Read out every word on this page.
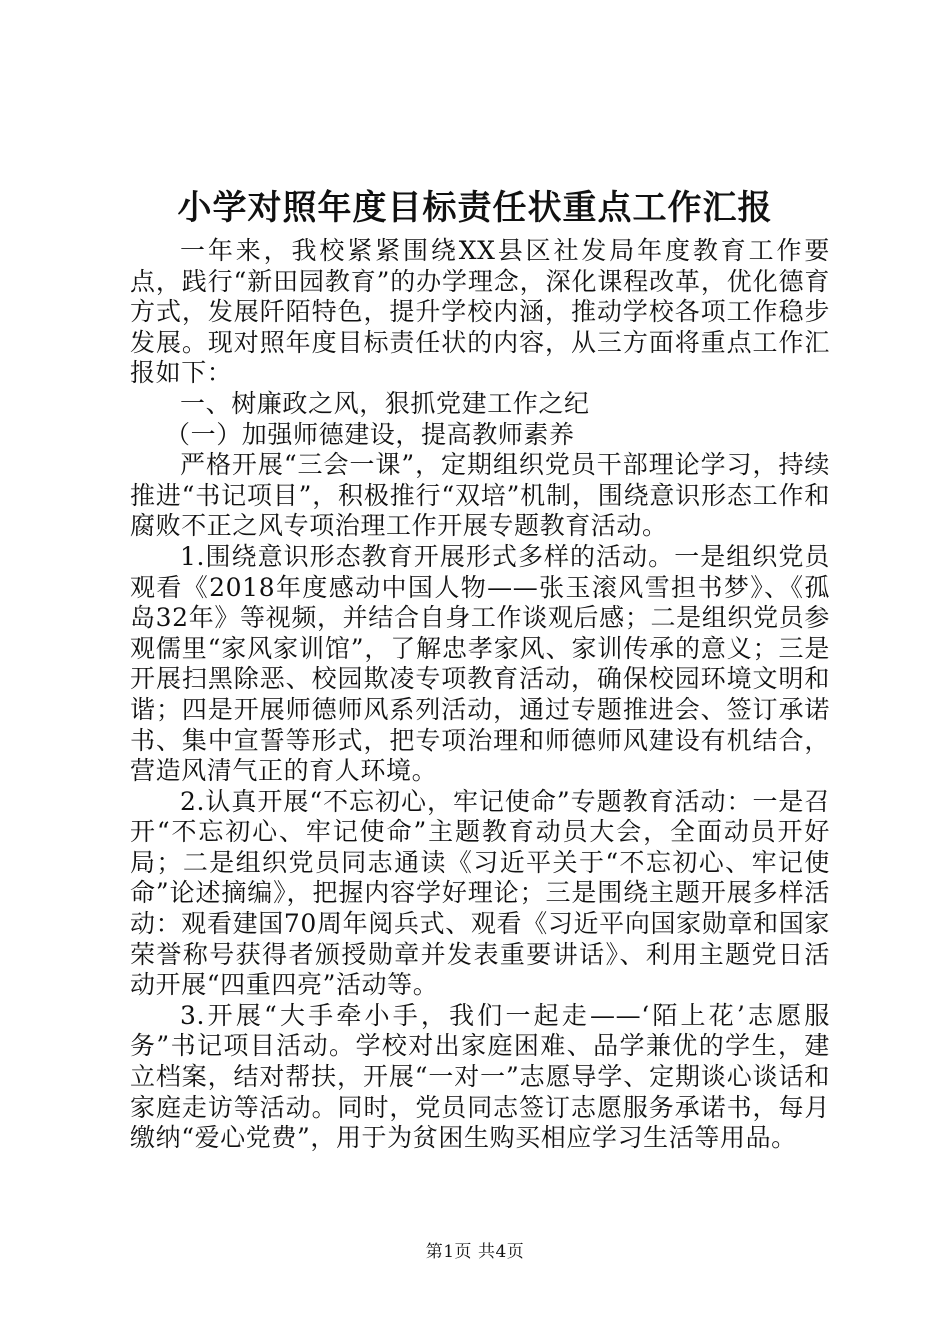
小学对照年度目标责任状重点工作汇报

一年来，我校紧紧围绕XX县区社发局年度教育工作要点，践行“新田园教育”的办学理念，深化课程改革，优化德育方式，发展阡陌特色，提升学校内涵，推动学校各项工作稳步发展。现对照年度目标责任状的内容，从三方面将重点工作汇报如下：

一、树廉政之风，狠抓党建工作之纪

（一）加强师德建设，提高教师素养

严格开展“三会一课”，定期组织党员干部理论学习，持续推进“书记项目”，积极推行“双培”机制，围绕意识形态工作和腐败不正之风专项治理工作开展专题教育活动。

1.围绕意识形态教育开展形式多样的活动。一是组织党员观看《2018年度感动中国人物——张玉滚风雪担书梦》、《孤岛32年》等视频，并结合自身工作谈观后感；二是组织党员参观儒里“家风家训馆”，了解忠孝家风、家训传承的意义；三是开展扫黑除恶、校园欺凌专项教育活动，确保校园环境文明和谐；四是开展师德师风系列活动，通过专题推进会、签订承诺书、集中宣誓等形式，把专项治理和师德师风建设有机结合，营造风清气正的育人环境。

2.认真开展“不忘初心，牢记使命”专题教育活动：一是召开“不忘初心、牢记使命”主题教育动员大会，全面动员开好局；二是组织党员同志通读《习近平关于“不忘初心、牢记使命”论述摘编》，把握内容学好理论；三是围绕主题开展多样活动：观看建国70周年阅兵式、观看《习近平向国家勋章和国家荣誉称号获得者颁授勋章并发表重要讲话》、利用主题党日活动开展“四重四亮”活动等。

3.开展“大手牵小手，我们一起走——‘陌上花’志愿服务”书记项目活动。学校对出家庭困难、品学兼优的学生，建立档案，结对帮扶，开展“一对一”志愿导学、定期谈心谈话和家庭走访等活动。同时，党员同志签订志愿服务承诺书，每月缴纳“爱心党费”，用于为贫困生购买相应学习生活等用品。

第1页 共4页
